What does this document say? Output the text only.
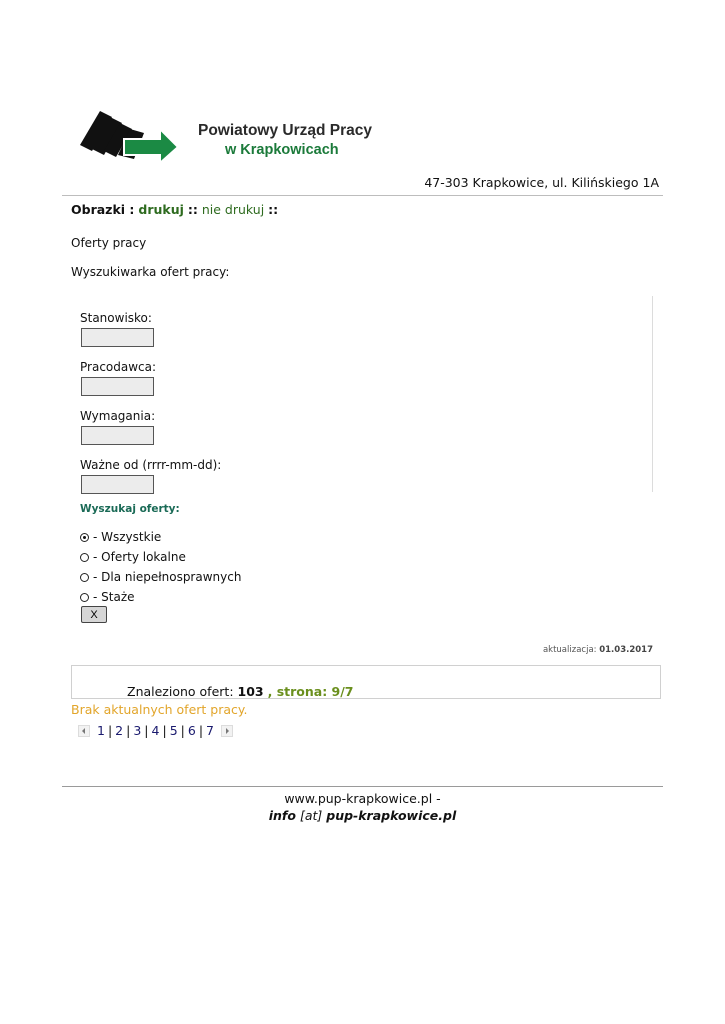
Powiatowy Urząd Pracy
w Krapkowicach
47-303 Krapkowice, ul. Kilińskiego 1A
Obrazki : drukuj :: nie drukuj ::
Oferty pracy
Wyszukiwarka ofert pracy:
Stanowisko:
Pracodawca:
Wymagania:
Ważne od (rrrr-mm-dd):
Wyszukaj oferty:
- Wszystkie
- Oferty lokalne
- Dla niepełnosprawnych
- Staże
X
aktualizacja: 01.03.2017
Znaleziono ofert: 103 , strona: 9/7
Brak aktualnych ofert pracy.
1 | 2 | 3 | 4 | 5 | 6 | 7
www.pup-krapkowice.pl -
info [at] pup-krapkowice.pl
